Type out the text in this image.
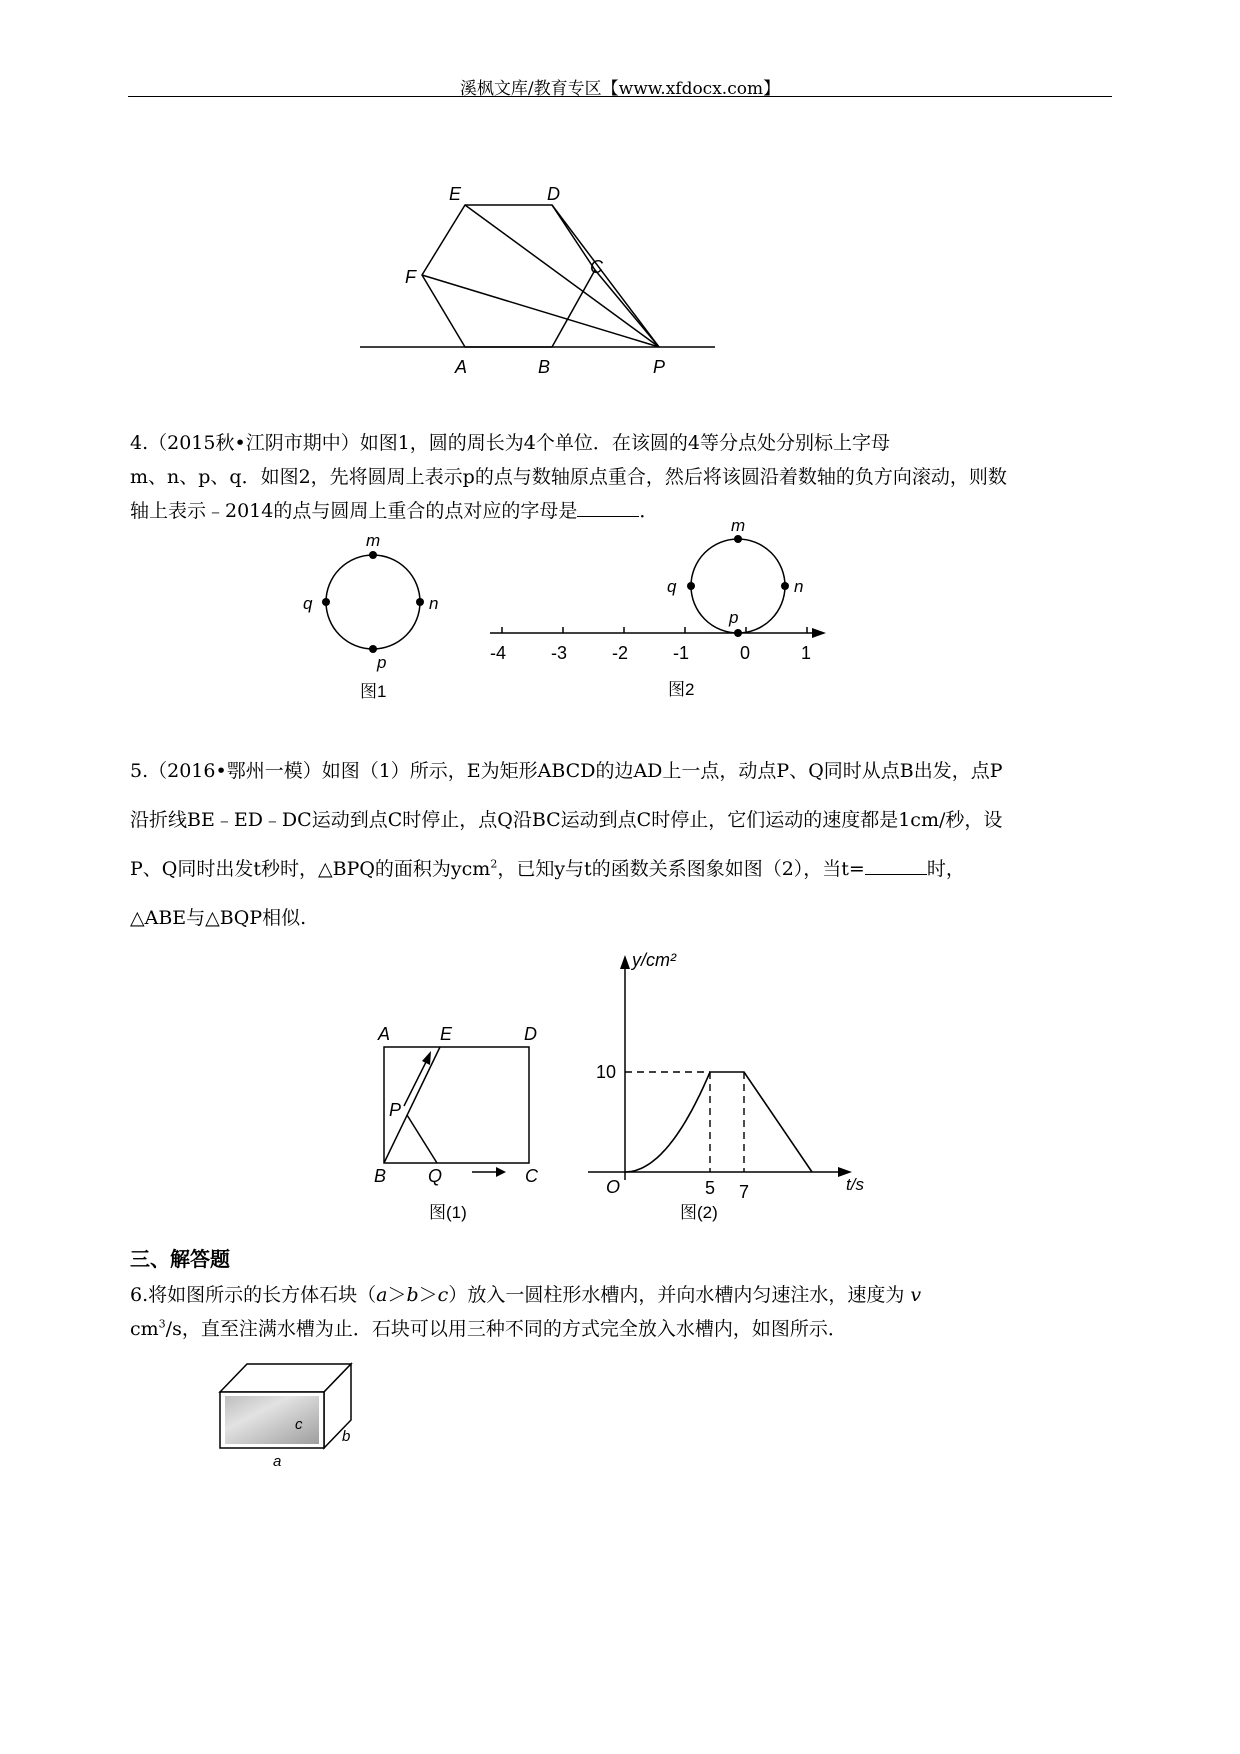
溪枫文库/教育专区【www.xfdocx.com】
E	D
F	C
A	B	P
4.（2015秋•江阴市期中）如图1，圆的周长为4个单位．在该圆的4等分点处分别标上字母
m、n、p、q．如图2，先将圆周上表示p的点与数轴原点重合，然后将该圆沿着数轴的负方向滚动，则数
轴上表示﹣2014的点与圆周上重合的点对应的字母是	．
m
n
p
q
图1
m
n
p
q
图2
-4 -3 -2 -1	0	1
5.（2016•鄂州一模）如图（1）所示，E为矩形ABCD的边AD上一点，动点P、Q同时从点B出发，点P
沿折线BE﹣ED﹣DC运动到点C时停止，点Q沿BC运动到点C时停止，它们运动的速度都是1cm/秒，设
P、Q同时出发t秒时，△BPQ的面积为ycm$^2$，已知y与t的函数关系图象如图（2），当t=	时，
△ABE与△BQP相似.
A	E	D
P
B Q	C
图(1)
y/cm²
t/s
O
10
5 7
图(2)
三、解答题
6.将如图所示的长方体石块（a＞b＞c）放入一圆柱形水槽内，并向水槽内匀速注水，速度为 v
$cm^3/s$，直至注满水槽为止．石块可以用三种不同的方式完全放入水槽内，如图所示．
c
b
a
